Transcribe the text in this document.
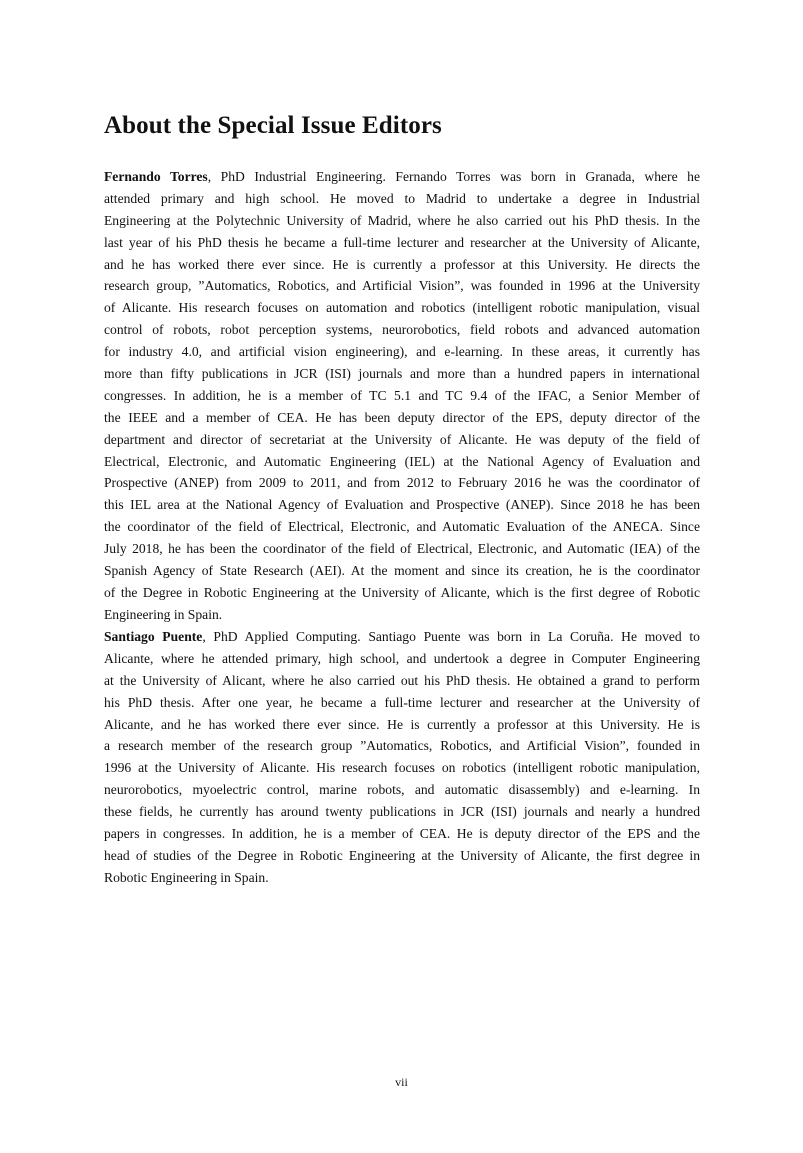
About the Special Issue Editors
Fernando Torres, PhD Industrial Engineering. Fernando Torres was born in Granada, where he
attended primary and high school. He moved to Madrid to undertake a degree in Industrial
Engineering at the Polytechnic University of Madrid, where he also carried out his PhD thesis. In the
last year of his PhD thesis he became a full-time lecturer and researcher at the University of Alicante,
and he has worked there ever since. He is currently a professor at this University. He directs the
research group, ”Automatics, Robotics, and Artificial Vision”, was founded in 1996 at the University
of Alicante. His research focuses on automation and robotics (intelligent robotic manipulation, visual
control of robots, robot perception systems, neurorobotics, field robots and advanced automation
for industry 4.0, and artificial vision engineering), and e-learning. In these areas, it currently has
more than fifty publications in JCR (ISI) journals and more than a hundred papers in international
congresses. In addition, he is a member of TC 5.1 and TC 9.4 of the IFAC, a Senior Member of
the IEEE and a member of CEA. He has been deputy director of the EPS, deputy director of the
department and director of secretariat at the University of Alicante. He was deputy of the field of
Electrical, Electronic, and Automatic Engineering (IEL) at the National Agency of Evaluation and
Prospective (ANEP) from 2009 to 2011, and from 2012 to February 2016 he was the coordinator of
this IEL area at the National Agency of Evaluation and Prospective (ANEP). Since 2018 he has been
the coordinator of the field of Electrical, Electronic, and Automatic Evaluation of the ANECA. Since
July 2018, he has been the coordinator of the field of Electrical, Electronic, and Automatic (IEA) of the
Spanish Agency of State Research (AEI). At the moment and since its creation, he is the coordinator
of the Degree in Robotic Engineering at the University of Alicante, which is the first degree of Robotic
Engineering in Spain.
Santiago Puente, PhD Applied Computing. Santiago Puente was born in La Coruña. He moved to
Alicante, where he attended primary, high school, and undertook a degree in Computer Engineering
at the University of Alicant, where he also carried out his PhD thesis. He obtained a grand to perform
his PhD thesis. After one year, he became a full-time lecturer and researcher at the University of
Alicante, and he has worked there ever since. He is currently a professor at this University. He is
a research member of the research group ”Automatics, Robotics, and Artificial Vision”, founded in
1996 at the University of Alicante. His research focuses on robotics (intelligent robotic manipulation,
neurorobotics, myoelectric control, marine robots, and automatic disassembly) and e-learning. In
these fields, he currently has around twenty publications in JCR (ISI) journals and nearly a hundred
papers in congresses. In addition, he is a member of CEA. He is deputy director of the EPS and the
head of studies of the Degree in Robotic Engineering at the University of Alicante, the first degree in
Robotic Engineering in Spain.
vii
